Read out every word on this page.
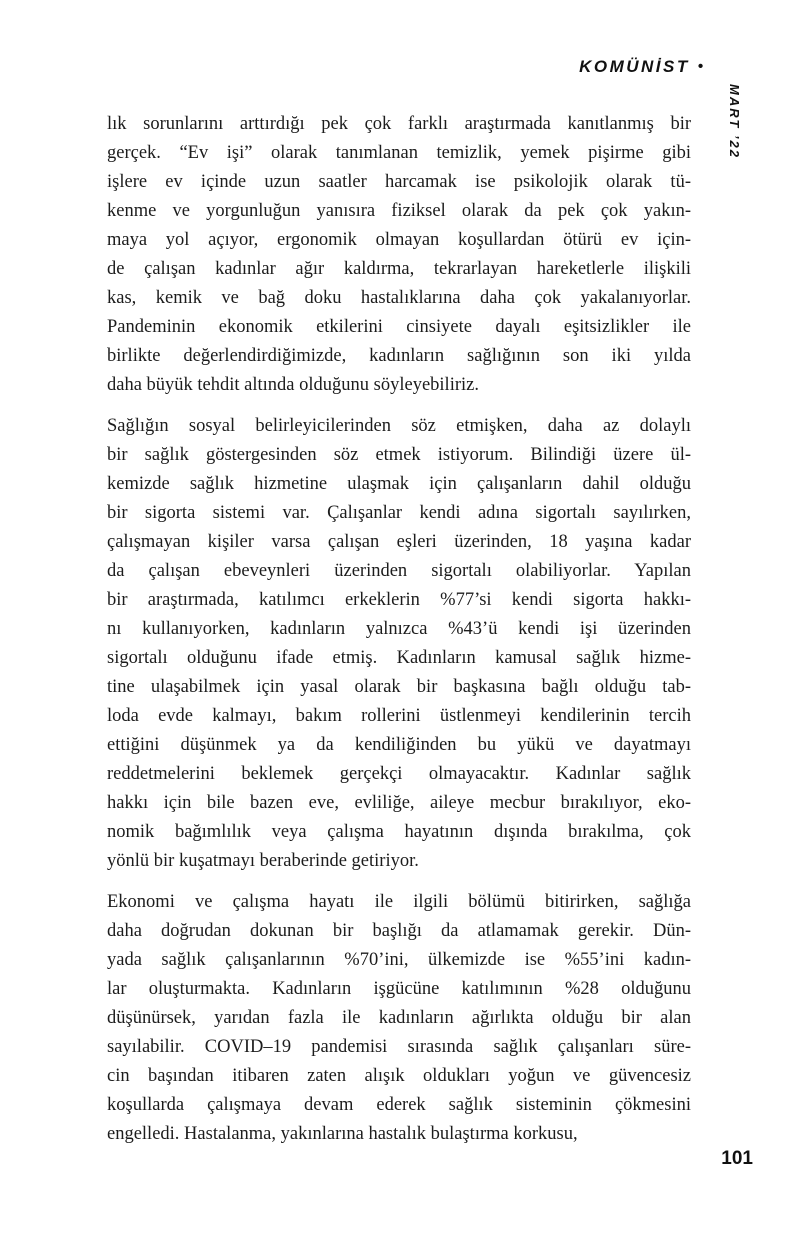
KOMÜNİST •
MART ’22
lık sorunlarını arttırdığı pek çok farklı araştırmada kanıtlanmış bir
gerçek. “Ev işi” olarak tanımlanan temizlik, yemek pişirme gibi
işlere ev içinde uzun saatler harcamak ise psikolojik olarak tü-
kenme ve yorgunluğun yanısıra fiziksel olarak da pek çok yakın-
maya yol açıyor, ergonomik olmayan koşullardan ötürü ev için-
de çalışan kadınlar ağır kaldırma, tekrarlayan hareketlerle ilişkili
kas, kemik ve bağ doku hastalıklarına daha çok yakalanıyorlar.
Pandeminin ekonomik etkilerini cinsiyete dayalı eşitsizlikler ile
birlikte değerlendirdiğimizde, kadınların sağlığının son iki yılda
daha büyük tehdit altında olduğunu söyleyebiliriz.
Sağlığın sosyal belirleyicilerinden söz etmişken, daha az dolaylı
bir sağlık göstergesinden söz etmek istiyorum. Bilindiği üzere ül-
kemizde sağlık hizmetine ulaşmak için çalışanların dahil olduğu
bir sigorta sistemi var. Çalışanlar kendi adına sigortalı sayılırken,
çalışmayan kişiler varsa çalışan eşleri üzerinden, 18 yaşına kadar
da çalışan ebeveynleri üzerinden sigortalı olabiliyorlar. Yapılan
bir araştırmada, katılımcı erkeklerin %77’si kendi sigorta hakkı-
nı kullanıyorken, kadınların yalnızca %43’ü kendi işi üzerinden
sigortalı olduğunu ifade etmiş. Kadınların kamusal sağlık hizme-
tine ulaşabilmek için yasal olarak bir başkasına bağlı olduğu tab-
loda evde kalmayı, bakım rollerini üstlenmeyi kendilerinin tercih
ettiğini düşünmek ya da kendiliğinden bu yükü ve dayatmayı
reddetmelerini beklemek gerçekçi olmayacaktır. Kadınlar sağlık
hakkı için bile bazen eve, evliliğe, aileye mecbur bırakılıyor, eko-
nomik bağımlılık veya çalışma hayatının dışında bırakılma, çok
yönlü bir kuşatmayı beraberinde getiriyor.
Ekonomi ve çalışma hayatı ile ilgili bölümü bitirirken, sağlığa
daha doğrudan dokunan bir başlığı da atlamamak gerekir. Dün-
yada sağlık çalışanlarının %70’ini, ülkemizde ise %55’ini kadın-
lar oluşturmakta. Kadınların işgücüne katılımının %28 olduğunu
düşünürsek, yarıdan fazla ile kadınların ağırlıkta olduğu bir alan
sayılabilir. COVID–19 pandemisi sırasında sağlık çalışanları süre-
cin başından itibaren zaten alışık oldukları yoğun ve güvencesiz
koşullarda çalışmaya devam ederek sağlık sisteminin çökmesini
engelledi. Hastalanma, yakınlarına hastalık bulaştırma korkusu,
101
